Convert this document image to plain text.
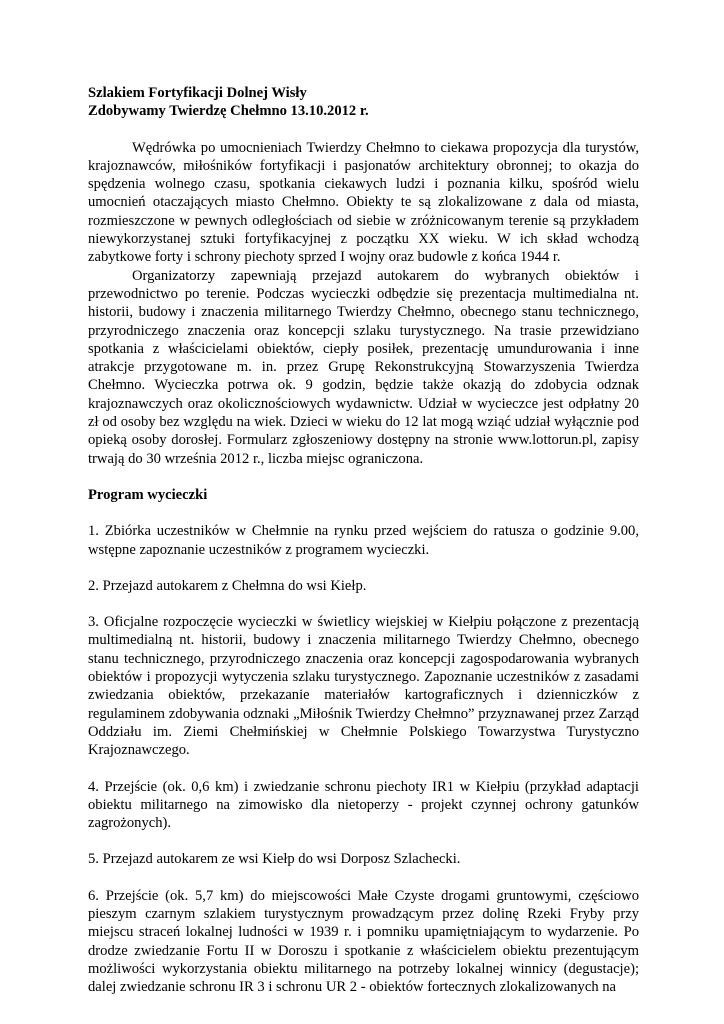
Szlakiem Fortyfikacji Dolnej Wisły

Zdobywamy Twierdzę Chełmno 13.10.2012 r.

Wędrówka po umocnieniach Twierdzy Chełmno to ciekawa propozycja dla turystów, krajoznawców, miłośników fortyfikacji i pasjonatów architektury obronnej; to okazja do spędzenia wolnego czasu, spotkania ciekawych ludzi i poznania kilku, spośród wielu umocnień otaczających miasto Chełmno. Obiekty te są zlokalizowane z dala od miasta, rozmieszczone w pewnych odległościach od siebie w zróżnicowanym terenie są przykładem niewykorzystanej sztuki fortyfikacyjnej z początku XX wieku. W ich skład wchodzą zabytkowe forty i schrony piechoty sprzed I wojny oraz budowle z końca 1944 r.

Organizatorzy zapewniają przejazd autokarem do wybranych obiektów i przewodnictwo po terenie. Podczas wycieczki odbędzie się prezentacja multimedialna nt. historii, budowy i znaczenia militarnego Twierdzy Chełmno, obecnego stanu technicznego, przyrodniczego znaczenia oraz koncepcji szlaku turystycznego. Na trasie przewidziano spotkania z właścicielami obiektów, ciepły posiłek, prezentację umundurowania i inne atrakcje przygotowane m. in. przez Grupę Rekonstrukcyjną Stowarzyszenia Twierdza Chełmno. Wycieczka potrwa ok. 9 godzin, będzie także okazją do zdobycia odznak krajoznawczych oraz okolicznościowych wydawnictw. Udział w wycieczce jest odpłatny 20 zł od osoby bez względu na wiek. Dzieci w wieku do 12 lat mogą wziąć udział wyłącznie pod opieką osoby dorosłej. Formularz zgłoszeniowy dostępny na stronie www.lottorun.pl, zapisy trwają do 30 września 2012 r., liczba miejsc ograniczona.

Program wycieczki

1. Zbiórka uczestników w Chełmnie na rynku przed wejściem do ratusza o godzinie 9.00, wstępne zapoznanie uczestników z programem wycieczki.

2. Przejazd autokarem z Chełmna do wsi Kiełp.

3. Oficjalne rozpoczęcie wycieczki w świetlicy wiejskiej w Kiełpiu połączone z prezentacją multimedialną nt. historii, budowy i znaczenia militarnego Twierdzy Chełmno, obecnego stanu technicznego, przyrodniczego znaczenia oraz koncepcji zagospodarowania wybranych obiektów i propozycji wytyczenia szlaku turystycznego. Zapoznanie uczestników z zasadami zwiedzania obiektów, przekazanie materiałów kartograficznych i dzienniczków z regulaminem zdobywania odznaki „Miłośnik Twierdzy Chełmno” przyznawanej przez Zarząd Oddziału im. Ziemi Chełmińskiej w Chełmnie Polskiego Towarzystwa Turystyczno Krajoznawczego.

4. Przejście (ok. 0,6 km) i zwiedzanie schronu piechoty IR1 w Kiełpiu (przykład adaptacji obiektu militarnego na zimowisko dla nietoperzy - projekt czynnej ochrony gatunków zagrożonych).

5. Przejazd autokarem ze wsi Kiełp do wsi Dorposz Szlachecki.

6. Przejście (ok. 5,7 km) do miejscowości Małe Czyste drogami gruntowymi, częściowo pieszym czarnym szlakiem turystycznym prowadzącym przez dolinę Rzeki Fryby przy miejscu straceń lokalnej ludności w 1939 r. i pomniku upamiętniającym to wydarzenie. Po drodze zwiedzanie Fortu II w Doroszu i spotkanie z właścicielem obiektu prezentującym możliwości wykorzystania obiektu militarnego na potrzeby lokalnej winnicy (degustacje); dalej zwiedzanie schronu IR 3 i schronu UR 2 - obiektów fortecznych zlokalizowanych na
